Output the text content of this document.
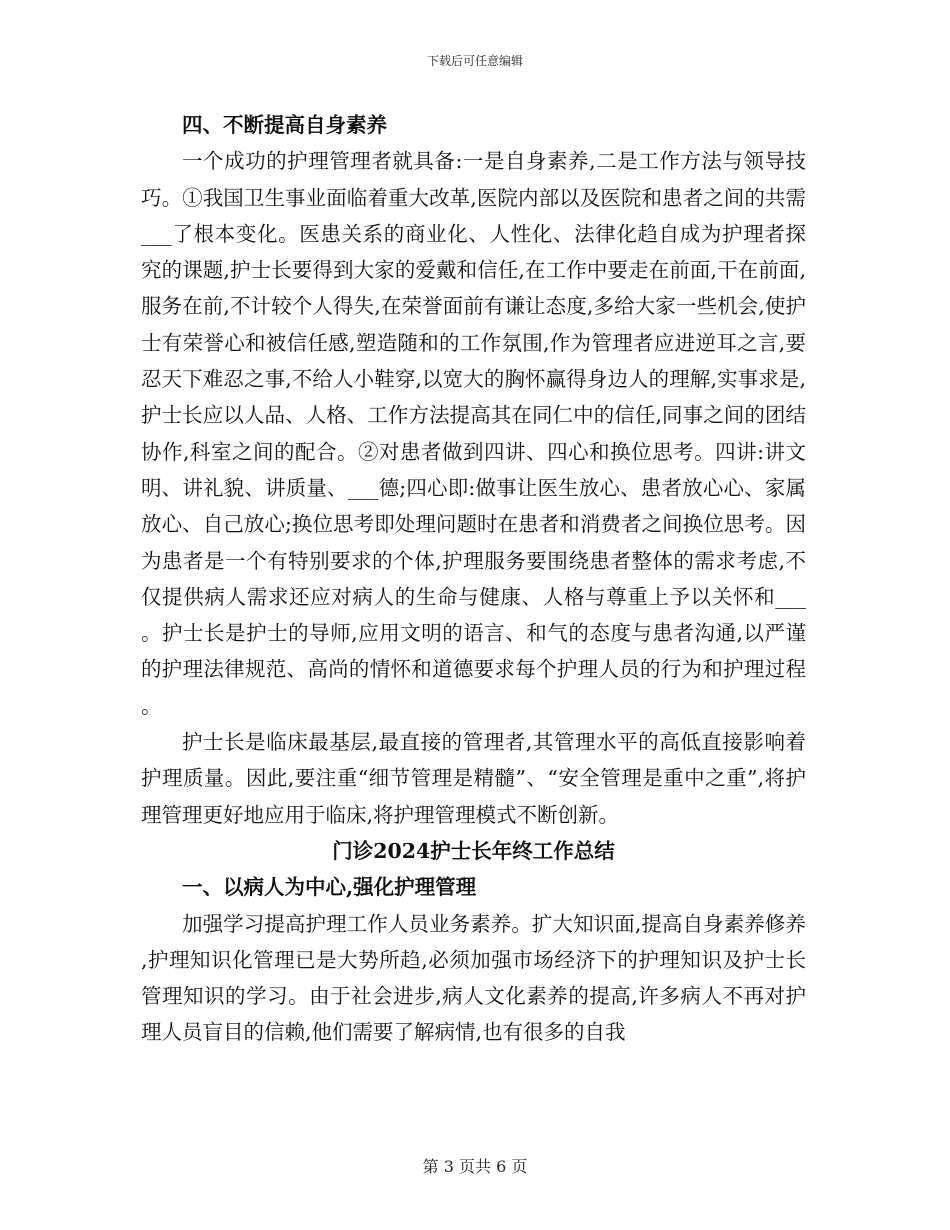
下载后可任意编辑

四、不断提高自身素养

一个成功的护理管理者就具备:一是自身素养,二是工作方法与领导技巧。①我国卫生事业面临着重大改革,医院内部以及医院和患者之间的共需___了根本变化。医患关系的商业化、人性化、法律化趋自成为护理者探究的课题,护士长要得到大家的爱戴和信任,在工作中要走在前面,干在前面,服务在前,不计较个人得失,在荣誉面前有谦让态度,多给大家一些机会,使护士有荣誉心和被信任感,塑造随和的工作氛围,作为管理者应进逆耳之言,要忍天下难忍之事,不给人小鞋穿,以宽大的胸怀赢得身边人的理解,实事求是,护士长应以人品、人格、工作方法提高其在同仁中的信任,同事之间的团结协作,科室之间的配合。②对患者做到四讲、四心和换位思考。四讲:讲文明、讲礼貌、讲质量、___德;四心即:做事让医生放心、患者放心心、家属放心、自己放心;换位思考即处理问题时在患者和消费者之间换位思考。因为患者是一个有特别要求的个体,护理服务要围绕患者整体的需求考虑,不仅提供病人需求还应对病人的生命与健康、人格与尊重上予以关怀和___。护士长是护士的导师,应用文明的语言、和气的态度与患者沟通,以严谨的护理法律规范、高尚的情怀和道德要求每个护理人员的行为和护理过程。

护士长是临床最基层,最直接的管理者,其管理水平的高低直接影响着护理质量。因此,要注重“细节管理是精髓”、“安全管理是重中之重”,将护理管理更好地应用于临床,将护理管理模式不断创新。

门诊2024护士长年终工作总结

一、以病人为中心,强化护理管理

加强学习提高护理工作人员业务素养。扩大知识面,提高自身素养修养,护理知识化管理已是大势所趋,必须加强市场经济下的护理知识及护士长管理知识的学习。由于社会进步,病人文化素养的提高,许多病人不再对护理人员盲目的信赖,他们需要了解病情,也有很多的自我

第 3 页共 6 页
